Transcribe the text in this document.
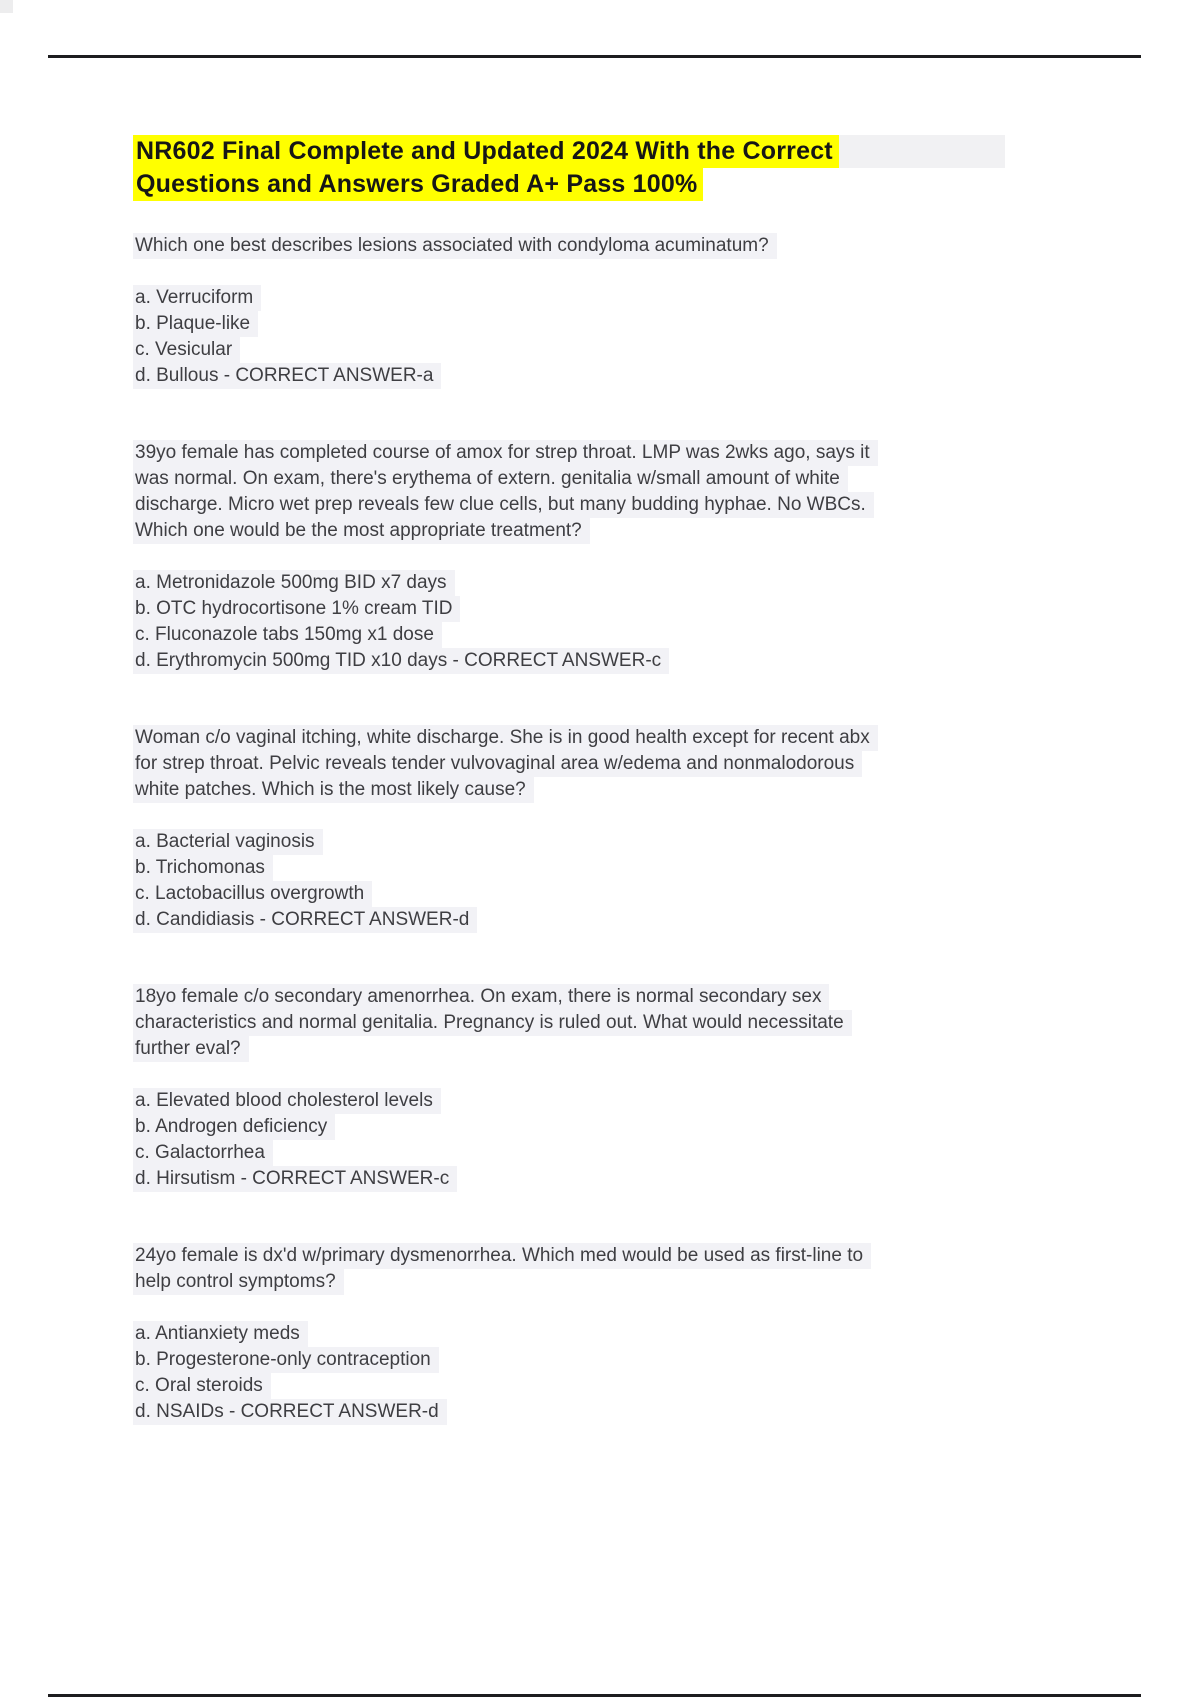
NR602 Final Complete and Updated 2024 With the Correct
Questions and Answers Graded A+ Pass 100%
Which one best describes lesions associated with condyloma acuminatum?
a. Verruciform
b. Plaque-like
c. Vesicular
d. Bullous - CORRECT ANSWER-a
39yo female has completed course of amox for strep throat. LMP was 2wks ago, says it
was normal. On exam, there's erythema of extern. genitalia w/small amount of white
discharge. Micro wet prep reveals few clue cells, but many budding hyphae. No WBCs.
Which one would be the most appropriate treatment?
a. Metronidazole 500mg BID x7 days
b. OTC hydrocortisone 1% cream TID
c. Fluconazole tabs 150mg x1 dose
d. Erythromycin 500mg TID x10 days - CORRECT ANSWER-c
Woman c/o vaginal itching, white discharge. She is in good health except for recent abx
for strep throat. Pelvic reveals tender vulvovaginal area w/edema and nonmalodorous
white patches. Which is the most likely cause?
a. Bacterial vaginosis
b. Trichomonas
c. Lactobacillus overgrowth
d. Candidiasis - CORRECT ANSWER-d
18yo female c/o secondary amenorrhea. On exam, there is normal secondary sex
characteristics and normal genitalia. Pregnancy is ruled out. What would necessitate
further eval?
a. Elevated blood cholesterol levels
b. Androgen deficiency
c. Galactorrhea
d. Hirsutism - CORRECT ANSWER-c
24yo female is dx'd w/primary dysmenorrhea. Which med would be used as first-line to
help control symptoms?
a. Antianxiety meds
b. Progesterone-only contraception
c. Oral steroids
d. NSAIDs - CORRECT ANSWER-d
